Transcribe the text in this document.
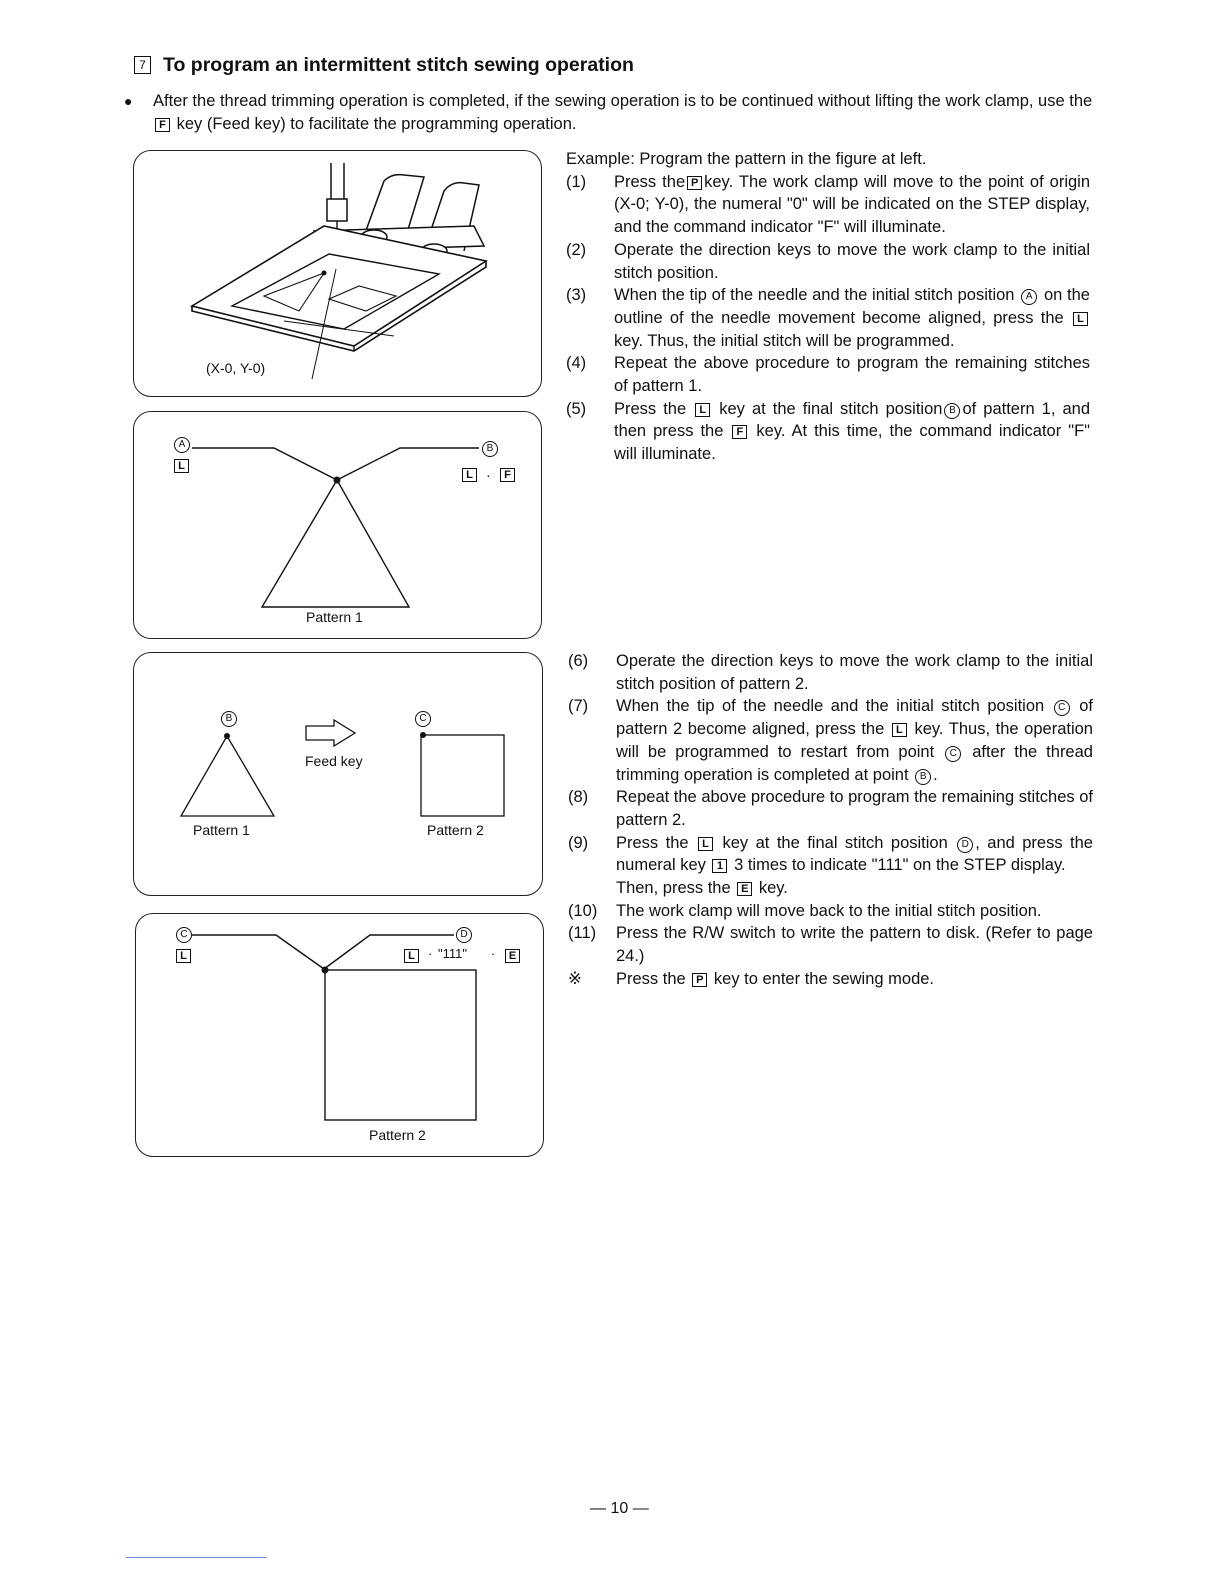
7 To program an intermittent stitch sewing operation
● After the thread trimming operation is completed, if the sewing operation is to be continued without lifting the work clamp, use the F key (Feed key) to facilitate the programming operation.
(X-0, Y-0)
A
L
B
L ·	F
Pattern 1
B	C
Feed key
Pattern 1	Pattern 2
C
L
D
L	· "111" ·	E
Pattern 2
Example: Program the pattern in the figure at left.
(1) Press the P key. The work clamp will move to the point of origin (X-0; Y-0), the numeral "0" will be indicated on the STEP display, and the command indicator "F" will illuminate.
(2) Operate the direction keys to move the work clamp to the initial stitch position.
(3) When the tip of the needle and the initial stitch position A on the outline of the needle movement become aligned, press the L key. Thus, the initial stitch will be programmed.
(4) Repeat the above procedure to program the remaining stitches of pattern 1.
(5) Press the L key at the final stitch position B of pattern 1, and then press the F key. At this time, the command indicator "F" will illuminate.
(6) Operate the direction keys to move the work clamp to the initial stitch position of pattern 2.
(7) When the tip of the needle and the initial stitch position C of pattern 2 become aligned, press the L key. Thus, the operation will be programmed to restart from point C after the thread trimming operation is completed at point B .
(8) Repeat the above procedure to program the remaining stitches of pattern 2.
(9) Press the L key at the final stitch position D , and press the numeral key 1 3 times to indicate "111" on the STEP display.
Then, press the E key.
(10) The work clamp will move back to the initial stitch position.
(11) Press the R/W switch to write the pattern to disk. (Refer to page 24.)
※ Press the P key to enter the sewing mode.
— 10 —
